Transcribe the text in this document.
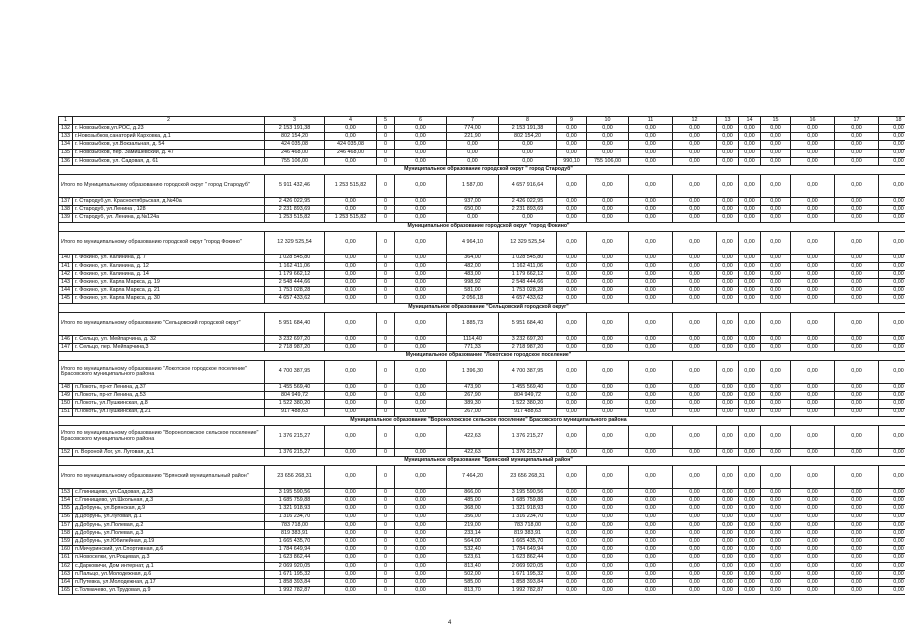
1	2	3	4	5	6	7	8	9	10	11	12	13	14	15	16	17	18
132	г. Новозыбков,ул.РОС, д.23	2 153 191,38	0,00	0	0,00	774,00	2 153 191,38	0,00	0,00	0,00	0,00	0,00	0,00	0,00	0,00	0,00	0,00
133	г.Новозыбков,санаторий Карховка, д.1	802 154,20	0,00	0	0,00	221,90	802 154,20	0,00	0,00	0,00	0,00	0,00	0,00	0,00	0,00	0,00	0,00
134	г. Новозыбков, ул.Вокзальная, д. 54	424 035,08	424 035,08	0	0,00	0,00	0,00	0,00	0,00	0,00	0,00	0,00	0,00	0,00	0,00	0,00	0,00
135	г. Новозыбков, пер. Замишевский, д. 47	246 468,00	246 468,00	0	0,00	0,00	0,00	0,00	0,00	0,00	0,00	0,00	0,00	0,00	0,00	0,00	0,00
136	г. Новозыбков, ул. Садовая, д. 61	755 106,00	0,00	0	0,00	0,00	0,00	990,10	755 106,00	0,00	0,00	0,00	0,00	0,00	0,00	0,00	0,00
Муниципальное образование городской округ " город Стародуб"																	
Итого по Муниципальному образованию городской округ " город Стародуб"		5 911 432,46	1 253 515,82	0	0,00	1 587,00	4 657 916,64	0,00	0,00	0,00	0,00	0,00	0,00	0,00	0,00	0,00	0,00
137	г. Стародуб,ул. Красноктябрьская, д.№40а	2 426 022,95	0,00	0	0,00	937,00	2 426 022,95	0,00	0,00	0,00	0,00	0,00	0,00	0,00	0,00	0,00	0,00
138	г. Стародуб, ул.Ленина , 128	2 231 893,69	0,00	0	0,00	650,00	2 231 893,69	0,00	0,00	0,00	0,00	0,00	0,00	0,00	0,00	0,00	0,00
139	г. Стародуб, ул. Ленина, д.№124а	1 253 515,82	1 253 515,82	0	0,00	0,00	0,00	0,00	0,00	0,00	0,00	0,00	0,00	0,00	0,00	0,00	0,00
Муниципальное образование городской округ "город Фокино"																	
Итого по муниципальному образованию городской округ "город Фокино"		12 329 525,54	0,00	0	0,00	4 964,10	12 329 525,54	0,00	0,00	0,00	0,00	0,00	0,00	0,00	0,00	0,00	0,00
140	г. Фокино, ул. Калинина, д. 7	1 028 545,80	0,00	0	0,00	364,00	1 028 545,80	0,00	0,00	0,00	0,00	0,00	0,00	0,00	0,00	0,00	0,00
141	г. Фокино, ул. Калинина, д. 12	1 162 411,06	0,00	0	0,00	482,00	1 162 411,06	0,00	0,00	0,00	0,00	0,00	0,00	0,00	0,00	0,00	0,00
142	г. Фокино, ул. Калинина, д. 14	1 179 662,12	0,00	0	0,00	483,00	1 179 662,12	0,00	0,00	0,00	0,00	0,00	0,00	0,00	0,00	0,00	0,00
143	г. Фокино, ул. Карла Маркса, д. 19	2 548 444,66	0,00	0	0,00	998,92	2 548 444,66	0,00	0,00	0,00	0,00	0,00	0,00	0,00	0,00	0,00	0,00
144	г. Фокино, ул. Карла Маркса, д. 21	1 753 028,28	0,00	0	0,00	581,00	1 753 028,28	0,00	0,00	0,00	0,00	0,00	0,00	0,00	0,00	0,00	0,00
145	г. Фокино, ул. Карла Маркса, д. 30	4 657 433,62	0,00	0	0,00	2 056,18	4 657 433,62	0,00	0,00	0,00	0,00	0,00	0,00	0,00	0,00	0,00	0,00
Муниципальное образование "Сельцовский городской округ"																	
Итого по муниципальному образованию "Сельцовский городской округ"		5 951 684,40	0,00	0	0,00	1 885,73	5 951 684,40	0,00	0,00	0,00	0,00	0,00	0,00	0,00	0,00	0,00	0,00
146	г. Сельцо, ул. Мейпарчина, д. 32	3 232 697,20	0,00	0	0,00	1114,40	3 232 697,20	0,00	0,00	0,00	0,00	0,00	0,00	0,00	0,00	0,00	0,00
147	г. Сельцо, пер. Мейпарчина,3	2 718 987,20	0,00	0	0,00	771,33	2 718 987,20	0,00	0,00	0,00	0,00	0,00	0,00	0,00	0,00	0,00	0,00
Муниципальное образование "Локотское городское поселение"																	
Итого по муниципальному образованию "Локотское городское поселение" Брасовского муниципального района		4 700 387,95	0,00	0	0,00	1 396,30	4 700 387,95	0,00	0,00	0,00	0,00	0,00	0,00	0,00	0,00	0,00	0,00
148	п.Локоть, пр-кт Ленина, д.37	1 455 569,40	0,00	0	0,00	473,90	1 455 569,40	0,00	0,00	0,00	0,00	0,00	0,00	0,00	0,00	0,00	0,00
149	п.Локоть, пр-кт Ленина, д.53	804 949,72	0,00	0	0,00	267,90	804 949,72	0,00	0,00	0,00	0,00	0,00	0,00	0,00	0,00	0,00	0,00
150	п.Локоть, ул.Пушкинская, д.8	1 522 380,20	0,00	0	0,00	389,30	1 522 380,20	0,00	0,00	0,00	0,00	0,00	0,00	0,00	0,00	0,00	0,00
151	п.Локоть, ул.Пушкинская, д.21	917 488,63	0,00	0	0,00	267,00	917 488,63	0,00	0,00	0,00	0,00	0,00	0,00	0,00	0,00	0,00	0,00
Муниципальное образование "Вороноложское сельское поселение" Брасовского муниципального района																	
Итого по муниципальному образованию "Вороноложское сельское поселение" Брасовского муниципального района		1 376 215,27	0,00	0	0,00	422,63	1 376 215,27	0,00	0,00	0,00	0,00	0,00	0,00	0,00	0,00	0,00	0,00
152	п. Вороной Лог, ул. Луговая, д.1	1 376 215,27	0,00	0	0,00	422,63	1 376 215,27	0,00	0,00	0,00	0,00	0,00	0,00	0,00	0,00	0,00	0,00
Муниципальное образование "Брянский муниципальный район"																	
Итого по муниципальному образованию "Брянский муниципальный район"		23 656 268,31	0,00	0	0,00	7 464,20	23 656 268,31	0,00	0,00	0,00	0,00	0,00	0,00	0,00	0,00	0,00	0,00
153	с.Глинищево, ул.Садовая, д.23	3 195 590,56	0,00	0	0,00	866,00	3 195 590,56	0,00	0,00	0,00	0,00	0,00	0,00	0,00	0,00	0,00	0,00
154	с.Глинищево, ул.Школьная, д.3	1 685 759,88	0,00	0	0,00	485,00	1 685 759,88	0,00	0,00	0,00	0,00	0,00	0,00	0,00	0,00	0,00	0,00
155	д.Добрунь, ул.Брянская, д.9	1 321 918,93	0,00	0	0,00	368,00	1 321 918,93	0,00	0,00	0,00	0,00	0,00	0,00	0,00	0,00	0,00	0,00
156	д.Добрунь, ул.Луговая, д.1	1 316 234,70	0,00	0	0,00	356,00	1 316 234,70	0,00	0,00	0,00	0,00	0,00	0,00	0,00	0,00	0,00	0,00
157	д.Добрунь, ул.Полевая, д.2	783 718,00	0,00	0	0,00	219,00	783 718,00	0,00	0,00	0,00	0,00	0,00	0,00	0,00	0,00	0,00	0,00
158	д.Добрунь, ул.Полевая, д.3	819 383,91	0,00	0	0,00	233,14	819 383,91	0,00	0,00	0,00	0,00	0,00	0,00	0,00	0,00	0,00	0,00
159	д.Добрунь, ул.Юбилейная, д.19	1 665 435,70	0,00	0	0,00	564,00	1 665 435,70	0,00	0,00	0,00	0,00	0,00	0,00	0,00	0,00	0,00	0,00
160	п.Мичуринский, ул.Спортивная, д.6	1 784 649,94	0,00	0	0,00	532,40	1 784 649,94	0,00	0,00	0,00	0,00	0,00	0,00	0,00	0,00	0,00	0,00
161	п.Новоселки, ул.Рощевая, д.3	1 623 862,44	0,00	0	0,00	523,61	1 623 862,44	0,00	0,00	0,00	0,00	0,00	0,00	0,00	0,00	0,00	0,00
162	с.Дарковичи, Дом интернат, д.1	2 069 920,05	0,00	0	0,00	813,40	2 069 920,05	0,00	0,00	0,00	0,00	0,00	0,00	0,00	0,00	0,00	0,00
163	п.Пальцо, ул.Молодежная, д.6	1 671 195,32	0,00	0	0,00	502,00	1 671 195,32	0,00	0,00	0,00	0,00	0,00	0,00	0,00	0,00	0,00	0,00
164	п.Путевка, ул.Молодежная, д.17	1 858 393,84	0,00	0	0,00	585,00	1 858 393,84	0,00	0,00	0,00	0,00	0,00	0,00	0,00	0,00	0,00	0,00
165	с.Толмачево, ул.Трудовая, д.9	1 992 782,87	0,00	0	0,00	813,70	1 992 782,87	0,00	0,00	0,00	0,00	0,00	0,00	0,00	0,00	0,00	0,00
4
